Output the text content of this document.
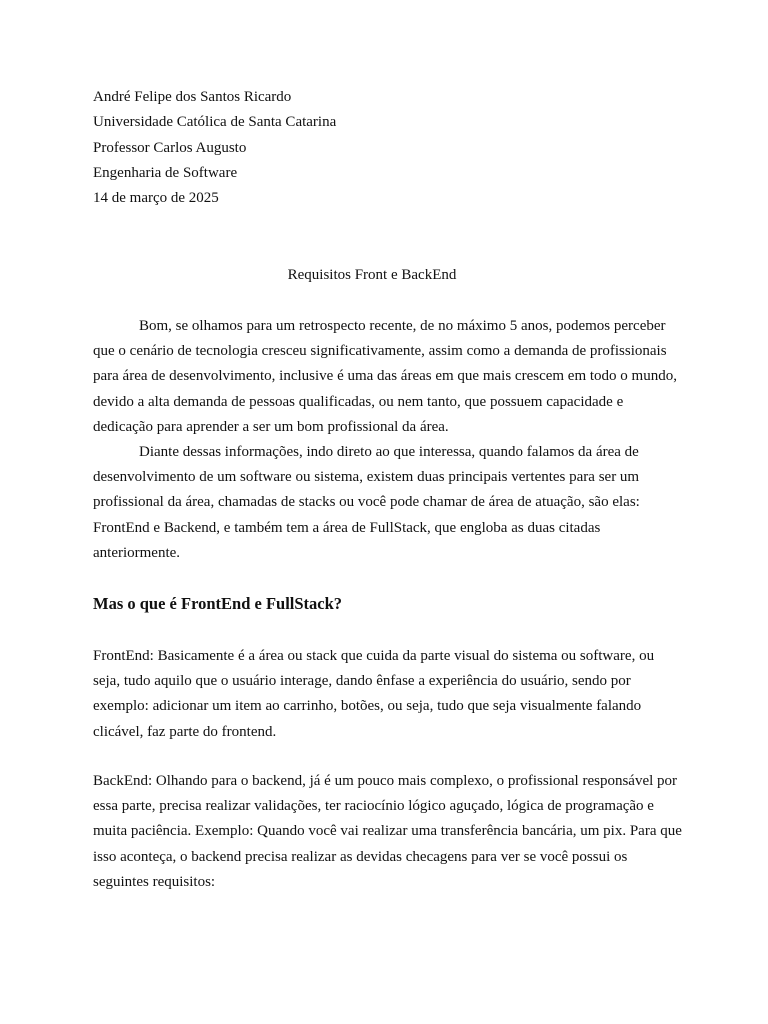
André Felipe dos Santos Ricardo
Universidade Católica de Santa Catarina
Professor Carlos Augusto
Engenharia de Software
14 de março de 2025
Requisitos Front e BackEnd

Bom, se olhamos para um retrospecto recente, de no máximo 5 anos, podemos perceber que o cenário de tecnologia cresceu significativamente, assim como a demanda de profissionais para área de desenvolvimento, inclusive é uma das áreas em que mais crescem em todo o mundo, devido a alta demanda de pessoas qualificadas, ou nem tanto, que possuem capacidade e dedicação para aprender a ser um bom profissional da área.

Diante dessas informações, indo direto ao que interessa, quando falamos da área de desenvolvimento de um software ou sistema, existem duas principais vertentes para ser um profissional da área, chamadas de stacks ou você pode chamar de área de atuação, são elas: FrontEnd e Backend, e também tem a área de FullStack, que engloba as duas citadas anteriormente.

Mas o que é FrontEnd e FullStack?

FrontEnd: Basicamente é a área ou stack que cuida da parte visual do sistema ou software, ou seja, tudo aquilo que o usuário interage, dando ênfase a experiência do usuário, sendo por exemplo: adicionar um item ao carrinho, botões, ou seja, tudo que seja visualmente falando clicável, faz parte do frontend.

BackEnd: Olhando para o backend, já é um pouco mais complexo, o profissional responsável por essa parte, precisa realizar validações, ter raciocínio lógico aguçado, lógica de programação e muita paciência. Exemplo: Quando você vai realizar uma transferência bancária, um pix. Para que isso aconteça, o backend precisa realizar as devidas checagens para ver se você possui os seguintes requisitos:
